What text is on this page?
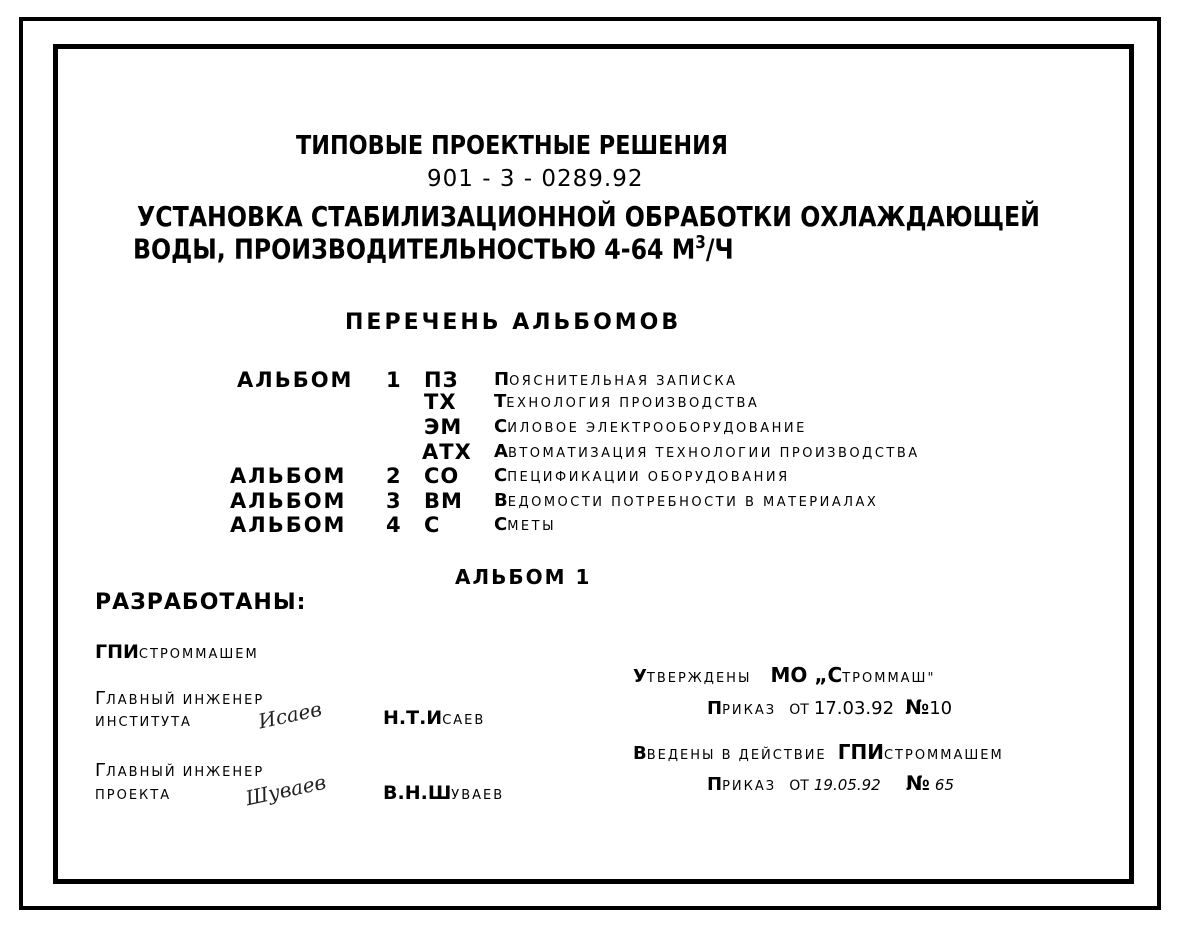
ТИПОВЫЕ ПРОЕКТНЫЕ РЕШЕНИЯ
901 - 3 - 0289.92
УСТАНОВКА СТАБИЛИЗАЦИОННОЙ ОБРАБОТКИ ОХЛАЖДАЮЩЕЙ
ВОДЫ, ПРОИЗВОДИТЕЛЬНОСТЬЮ 4-64 $М^3/Ч$
ПЕРЕЧЕНЬ АЛЬБОМОВ
АЛЬБОМ 1 ПЗ ПОЯСНИТЕЛЬНАЯ ЗАПИСКА
ТХ ТЕХНОЛОГИЯ ПРОИЗВОДСТВА
ЭМ СИЛОВОЕ ЭЛЕКТРООБОРУДОВАНИЕ
АТХ АВТОМАТИЗАЦИЯ ТЕХНОЛОГИИ ПРОИЗВОДСТВА
АЛЬБОМ 2 СО СПЕЦИФИКАЦИИ ОБОРУДОВАНИЯ
АЛЬБОМ 3 ВМ ВЕДОМОСТИ ПОТРЕБНОСТИ В МАТЕРИАЛАХ
АЛЬБОМ 4 С	СМЕТЫ
АЛЬБОМ 1
РАЗРАБОТАНЫ:
ГПИСТРОММАШЕМ
ГЛАВНЫЙ ИНЖЕНЕР
ИНСТИТУТА	Исаев	Н.Т.ИСАЕВ
ГЛАВНЫЙ ИНЖЕНЕР
ПРОЕКТА	Шуваев	В.Н.ШУВАЕВ
УТВЕРЖДЕНЫ МО „СТРОММАШ"
ПРИКАЗ ОТ 17.03.92 №10
ВВЕДЕНЫ В ДЕЙСТВИЕ ГПИСТРОММАШЕМ
ПРИКАЗ ОТ 19.05.92 № 65
